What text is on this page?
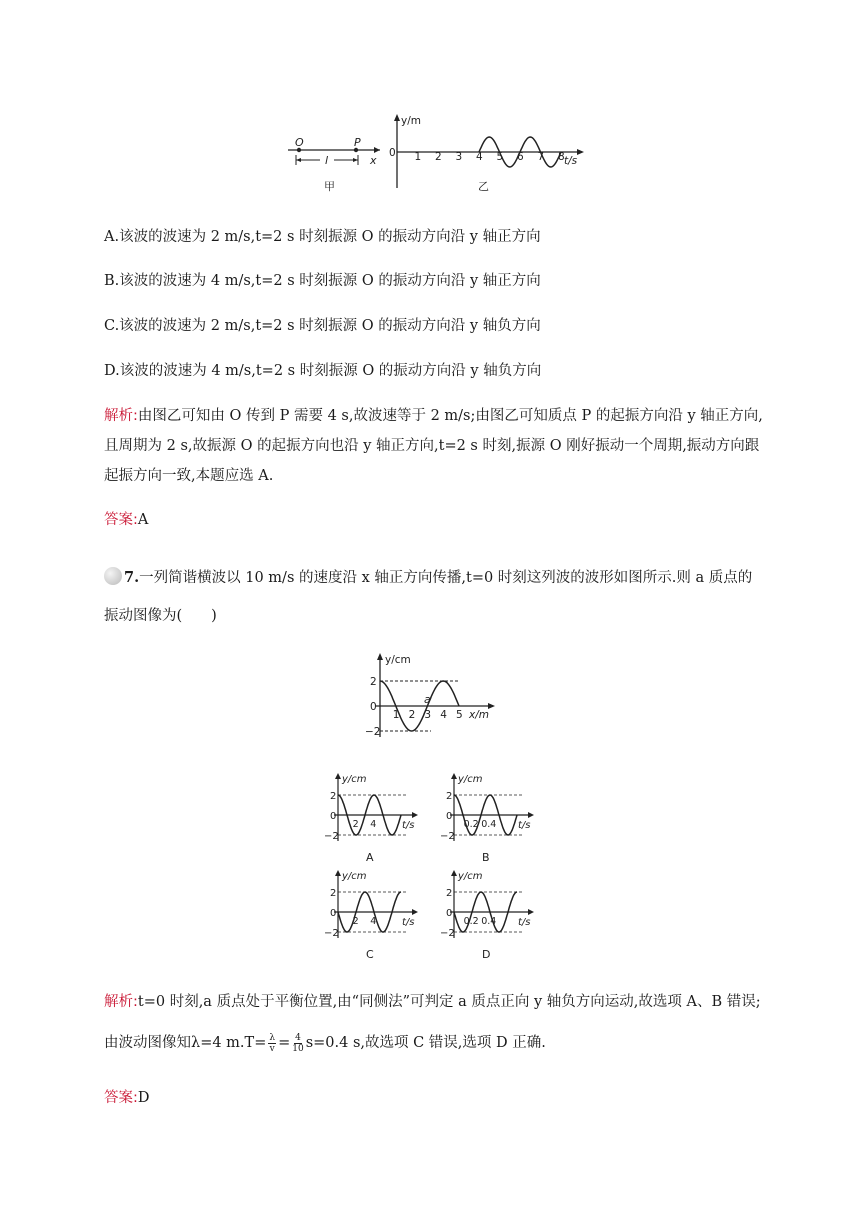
O	P
l	x
甲
y/m
0
t/s
1 2 3 4 5 6 7 8
乙
A.该波的波速为 2 m/s,t=2 s 时刻振源 O 的振动方向沿 y 轴正方向
B.该波的波速为 4 m/s,t=2 s 时刻振源 O 的振动方向沿 y 轴正方向
C.该波的波速为 2 m/s,t=2 s 时刻振源 O 的振动方向沿 y 轴负方向
D.该波的波速为 4 m/s,t=2 s 时刻振源 O 的振动方向沿 y 轴负方向
解析:由图乙可知由 O 传到 P 需要 4 s,故波速等于 2 m/s;由图乙可知质点 P 的起振方向沿 y 轴正方向,
且周期为 2 s,故振源 O 的起振方向也沿 y 轴正方向,t=2 s 时刻,振源 O 刚好振动一个周期,振动方向跟
起振方向一致,本题应选 A.
答案:A
7.一列简谐横波以 10 m/s 的速度沿 x 轴正方向传播,t=0 时刻这列波的波形如图所示.则 a 质点的
振动图像为(　　)
y/cm
x/m
2
0
−2
1 2 3 4 5
a
y/cm
t/s
2
0
−2
2 4
A
y/cm
t/s
2
0
−2
0.2 0.4
B
y/cm
t/s
2
0
−2
2 4
C
y/cm
t/s
2
0
−2
0.2 0.4
D
解析:t=0 时刻,a 质点处于平衡位置,由“同侧法”可判定 a 质点正向 y 轴负方向运动,故选项 A、B 错误;
由波动图像知λ=4 $m.T= \frac{\lambda}{v} = \frac{4}{10} s=0.4$ s,故选项 C 错误,选项 D 正确.
答案:D
